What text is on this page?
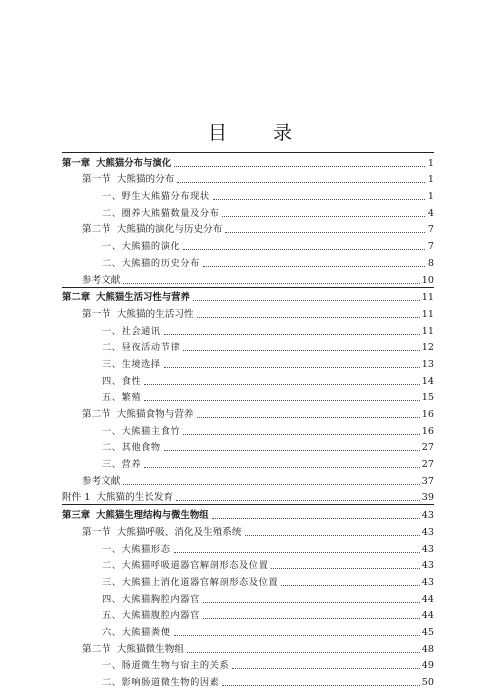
目 录
第一章 大熊猫分布与演化	1
第一节 大熊猫的分布	1
一、野生大熊猫分布现状	1
二、圈养大熊猫数量及分布	4
第二节 大熊猫的演化与历史分布	7
一、大熊猫的演化	7
二、大熊猫的历史分布	8
参考文献	10
第二章 大熊猫生活习性与营养	11
第一节 大熊猫的生活习性	11
一、社会通讯	11
二、昼夜活动节律	12
三、生境选择	13
四、食性	14
五、繁殖	15
第二节 大熊猫食物与营养	16
一、大熊猫主食竹	16
二、其他食物	27
三、营养	27
参考文献	37
附件 1 大熊猫的生长发育	39
第三章 大熊猫生理结构与微生物组	43
第一节 大熊猫呼吸、消化及生殖系统	43
一、大熊猫形态	43
二、大熊猫呼吸道器官解剖形态及位置	43
三、大熊猫上消化道器官解剖形态及位置	43
四、大熊猫胸腔内器官	44
五、大熊猫腹腔内器官	44
六、大熊猫粪便	45
第二节 大熊猫微生物组	48
一、肠道微生物与宿主的关系	49
二、影响肠道微生物的因素	50
